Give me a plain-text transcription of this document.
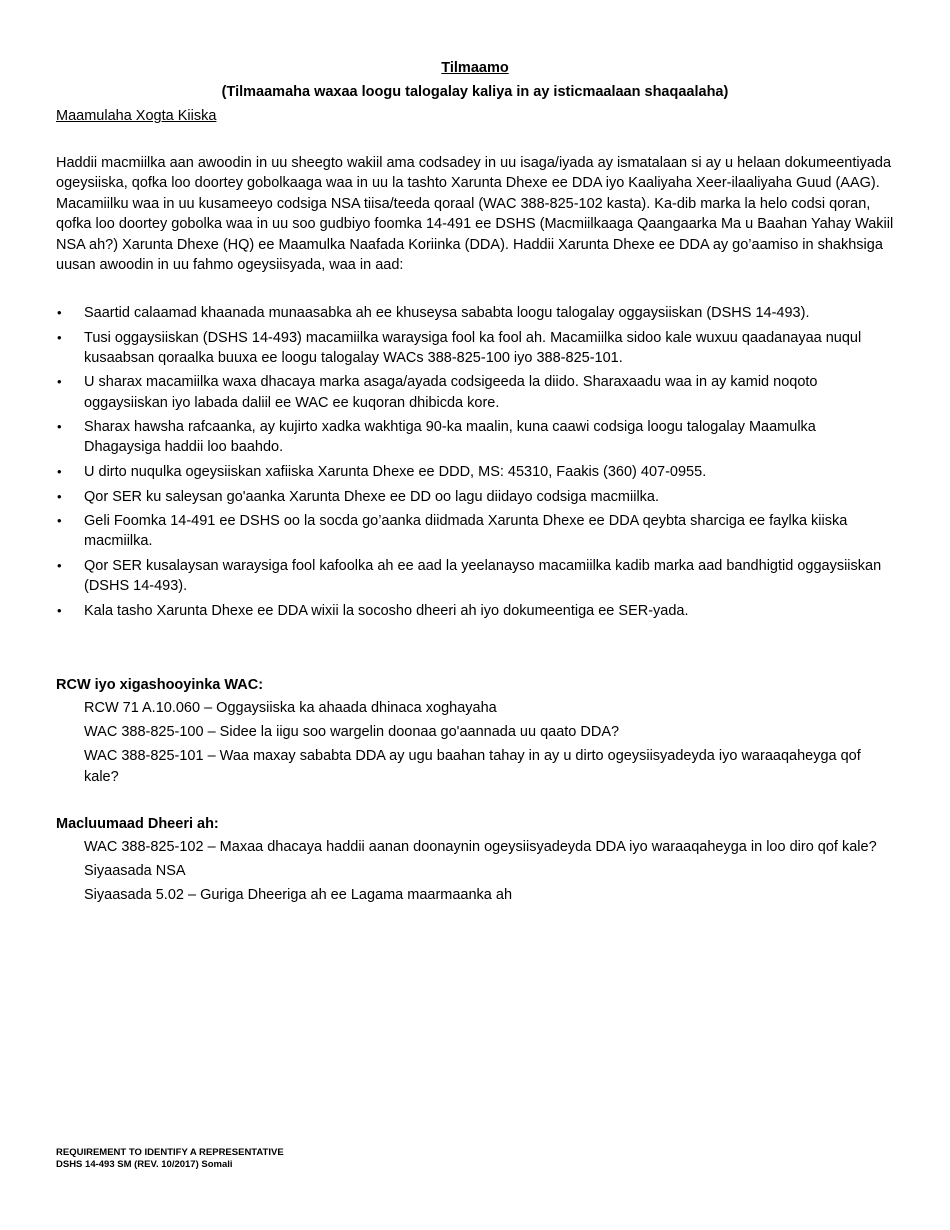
Tilmaamo
(Tilmaamaha waxaa loogu talogalay kaliya in ay isticmaalaan shaqaalaha)
Maamulaha Xogta Kiiska

Haddii macmiilka aan awoodin in uu sheegto wakiil ama codsadey in uu isaga/iyada ay ismatalaan si ay u helaan dokumeentiyada ogeysiiska, qofka loo doortey gobolkaaga waa in uu la tashto Xarunta Dhexe ee DDA iyo Kaaliyaha Xeer-ilaaliyaha Guud (AAG). Macamiilku waa in uu kusameeyo codsiga NSA tiisa/teeda qoraal (WAC 388-825-102 kasta). Ka-dib marka la helo codsi qoran, qofka loo doortey gobolka waa in uu soo gudbiyo foomka 14-491 ee DSHS (Macmiilkaaga Qaangaarka Ma u Baahan Yahay Wakiil NSA ah?) Xarunta Dhexe (HQ) ee Maamulka Naafada Koriinka (DDA). Haddii Xarunta Dhexe ee DDA ay go’aamiso in shakhsiga uusan awoodin in uu fahmo ogeysiisyada, waa in aad:

•	Saartid calaamad khaanada munaasabka ah ee khuseysa sababta loogu talogalay oggaysiiskan (DSHS 14-493).
•	Tusi oggaysiiskan (DSHS 14-493) macamiilka waraysiga fool ka fool ah. Macamiilka sidoo kale wuxuu qaadanayaa nuqul kusaabsan qoraalka buuxa ee loogu talogalay WACs 388-825-100 iyo 388-825-101.
•	U sharax macamiilka waxa dhacaya marka asaga/ayada codsigeeda la diido. Sharaxaadu waa in ay kamid noqoto oggaysiiskan iyo labada daliil ee WAC ee kuqoran dhibicda kore.
•	Sharax hawsha rafcaanka, ay kujirto xadka wakhtiga 90-ka maalin, kuna caawi codsiga loogu talogalay Maamulka Dhagaysiga haddii loo baahdo.
•	U dirto nuqulka ogeysiiskan xafiiska Xarunta Dhexe ee DDD, MS: 45310, Faakis (360) 407-0955.
•	Qor SER ku saleysan go'aanka Xarunta Dhexe ee DD oo lagu diidayo codsiga macmiilka.
•	Geli Foomka 14-491 ee DSHS oo la socda go’aanka diidmada Xarunta Dhexe ee DDA qeybta sharciga ee faylka kiiska macmiilka.
•	Qor SER kusalaysan waraysiga fool kafoolka ah ee aad la yeelanayso macamiilka kadib marka aad bandhigtid oggaysiiskan (DSHS 14-493).
•	Kala tasho Xarunta Dhexe ee DDA wixii la socosho dheeri ah iyo dokumeentiga ee SER-yada.
RCW iyo xigashooyinka WAC:
RCW 71 A.10.060 – Oggaysiiska ka ahaada dhinaca xoghayaha
WAC 388-825-100 – Sidee la iigu soo wargelin doonaa go'aannada uu qaato DDA?
WAC 388-825-101 – Waa maxay sababta DDA ay ugu baahan tahay in ay u dirto ogeysiisyadeyda iyo waraaqaheyga qof kale?
Macluumaad Dheeri ah:
WAC 388-825-102 – Maxaa dhacaya haddii aanan doonaynin ogeysiisyadeyda DDA iyo waraaqaheyga in loo diro qof kale?
Siyaasada NSA
Siyaasada 5.02 – Guriga Dheeriga ah ee Lagama maarmaanka ah
REQUIREMENT TO IDENTIFY A REPRESENTATIVE
DSHS 14-493 SM (REV. 10/2017) Somali
